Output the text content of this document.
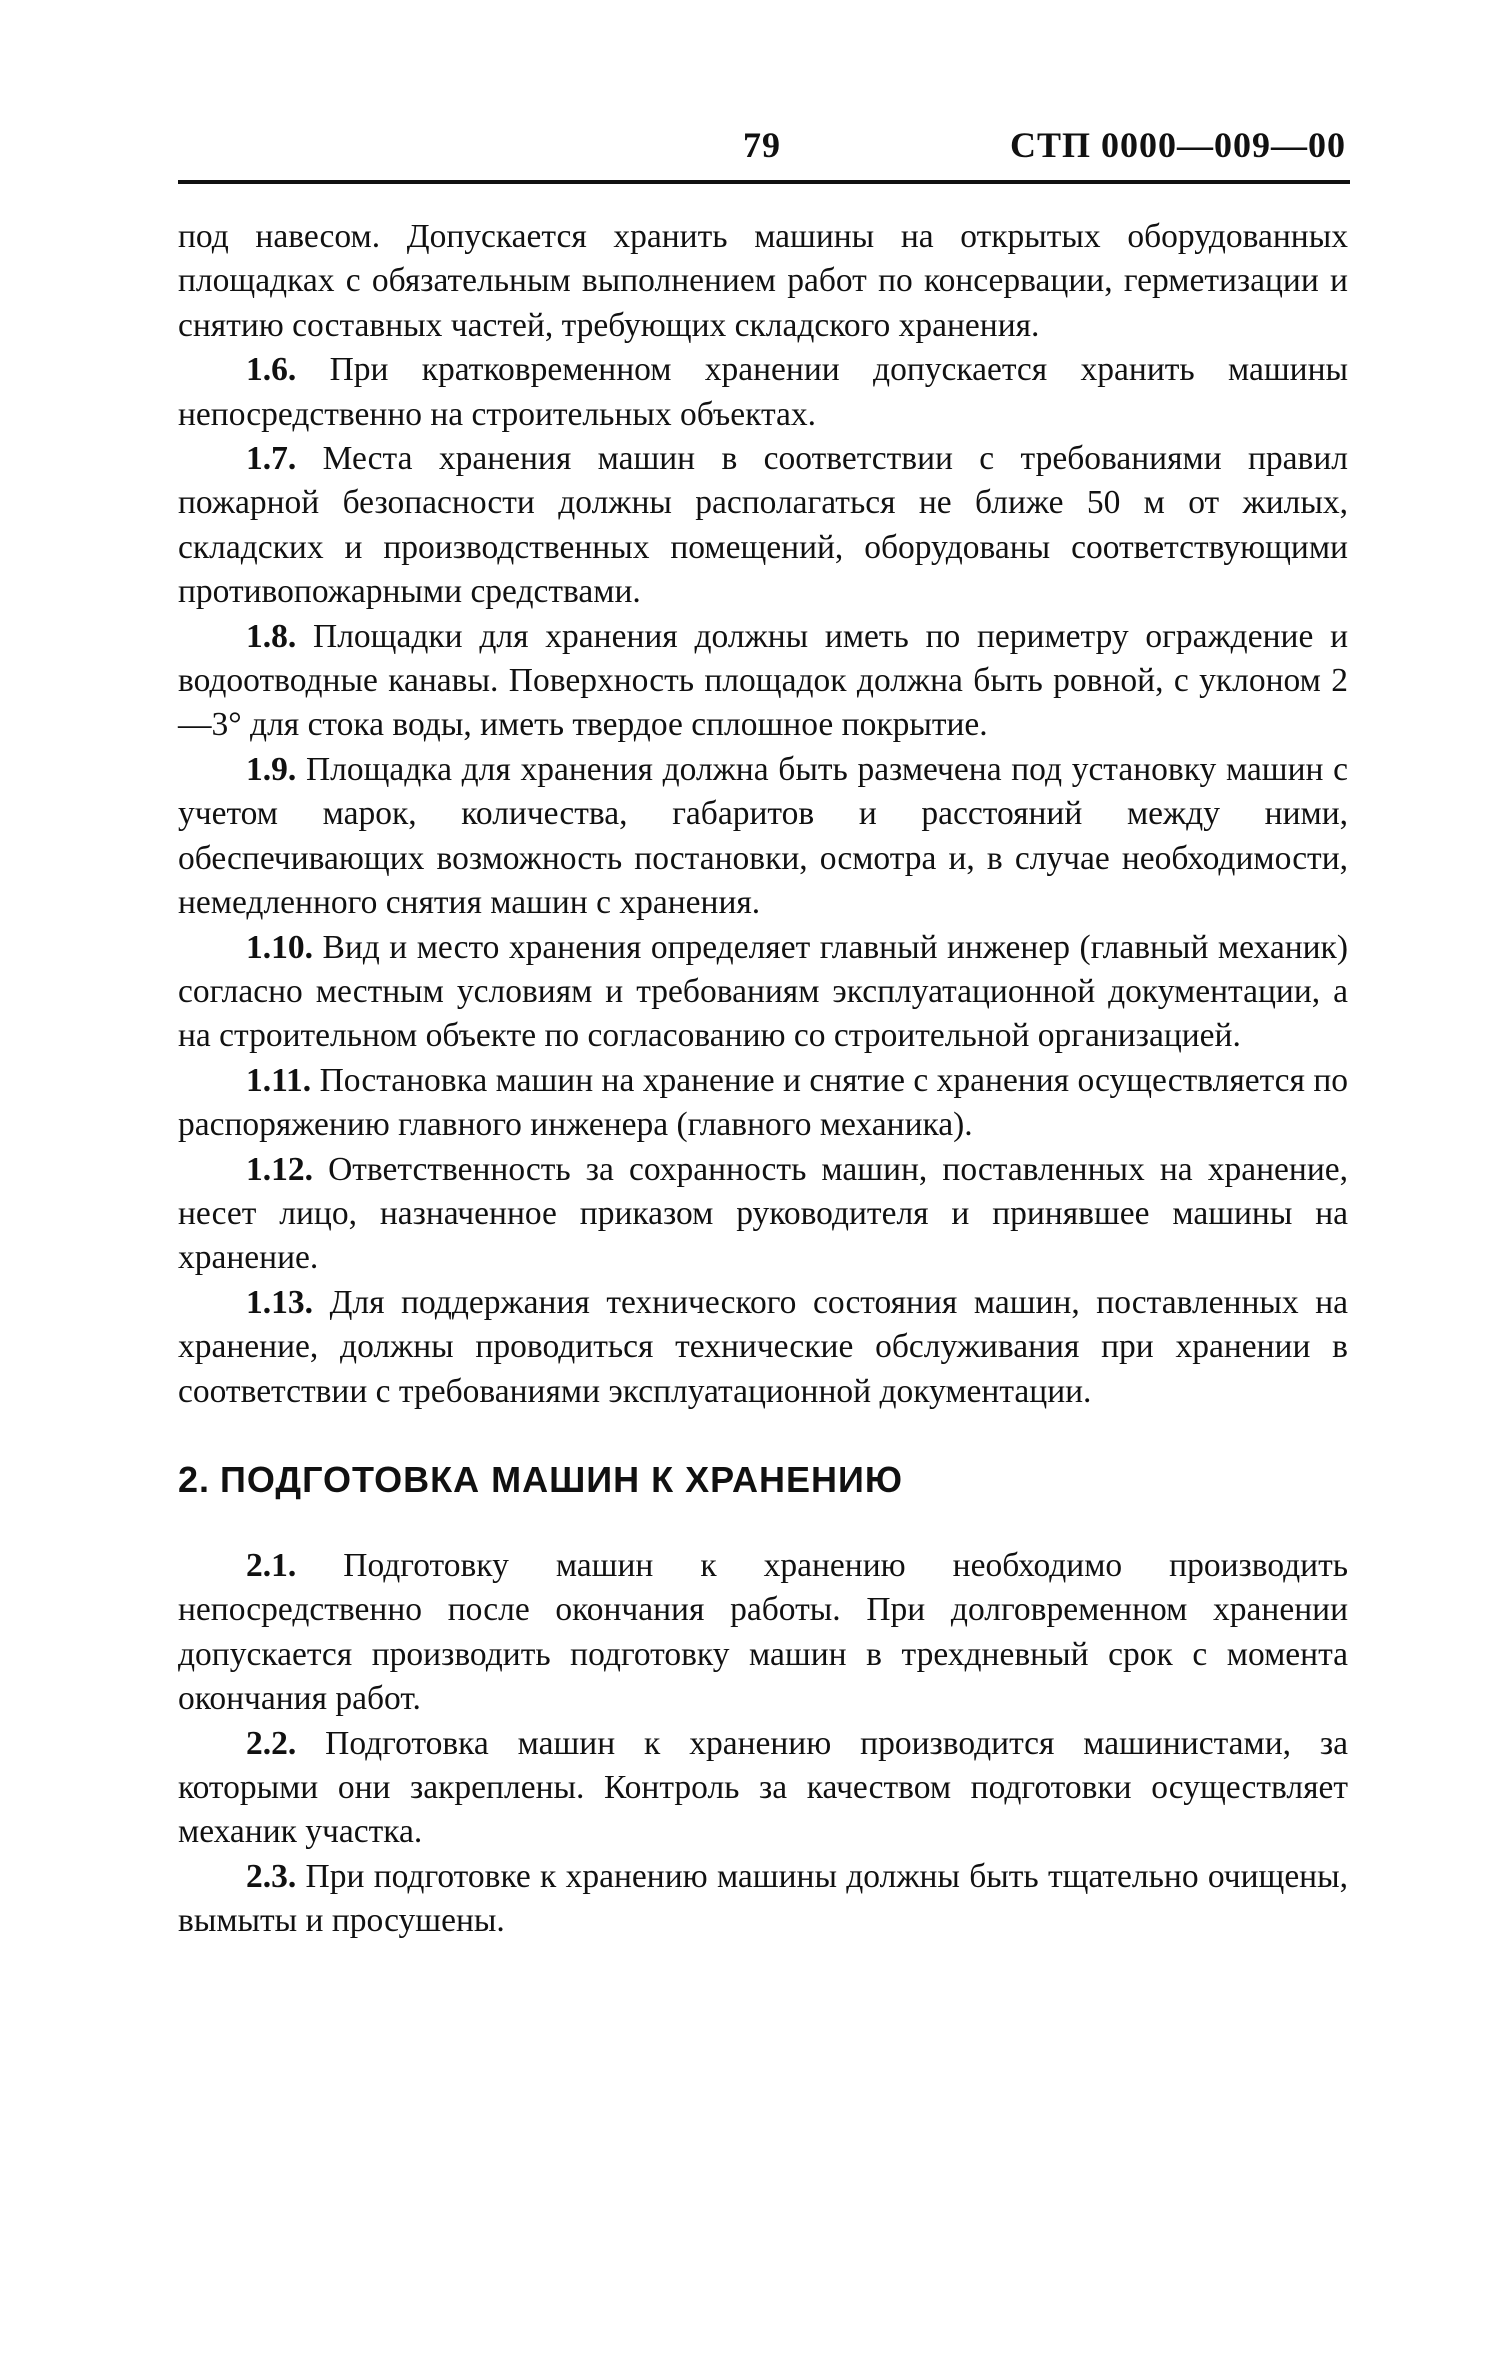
79	СТП 0000—009—00

под навесом. Допускается хранить машины на открытых оборудованных площадках с обязательным выполнением работ по консервации, герметизации и снятию составных частей, требующих складского хранения.

1.6. При кратковременном хранении допускается хранить машины непосредственно на строительных объектах.

1.7. Места хранения машин в соответствии с требованиями правил пожарной безопасности должны располагаться не ближе 50 м от жилых, складских и производственных помещений, оборудованы соответствующими противопожарными средствами.

1.8. Площадки для хранения должны иметь по периметру ограждение и водоотводные канавы. Поверхность площадок должна быть ровной, с уклоном 2—3° для стока воды, иметь твердое сплошное покрытие.

1.9. Площадка для хранения должна быть размечена под установку машин с учетом марок, количества, габаритов и расстояний между ними, обеспечивающих возможность постановки, осмотра и, в случае необходимости, немедленного снятия машин с хранения.

1.10. Вид и место хранения определяет главный инженер (главный механик) согласно местным условиям и требованиям эксплуатационной документации, а на строительном объекте по согласованию со строительной организацией.

1.11. Постановка машин на хранение и снятие с хранения осуществляется по распоряжению главного инженера (главного механика).

1.12. Ответственность за сохранность машин, поставленных на хранение, несет лицо, назначенное приказом руководителя и принявшее машины на хранение.

1.13. Для поддержания технического состояния машин, поставленных на хранение, должны проводиться технические обслуживания при хранении в соответствии с требованиями эксплуатационной документации.

2. ПОДГОТОВКА МАШИН К ХРАНЕНИЮ

2.1. Подготовку машин к хранению необходимо производить непосредственно после окончания работы. При долговременном хранении допускается производить подготовку машин в трехдневный срок с момента окончания работ.

2.2. Подготовка машин к хранению производится машинистами, за которыми они закреплены. Контроль за качеством подготовки осуществляет механик участка.

2.3. При подготовке к хранению машины должны быть тщательно очищены, вымыты и просушены.
